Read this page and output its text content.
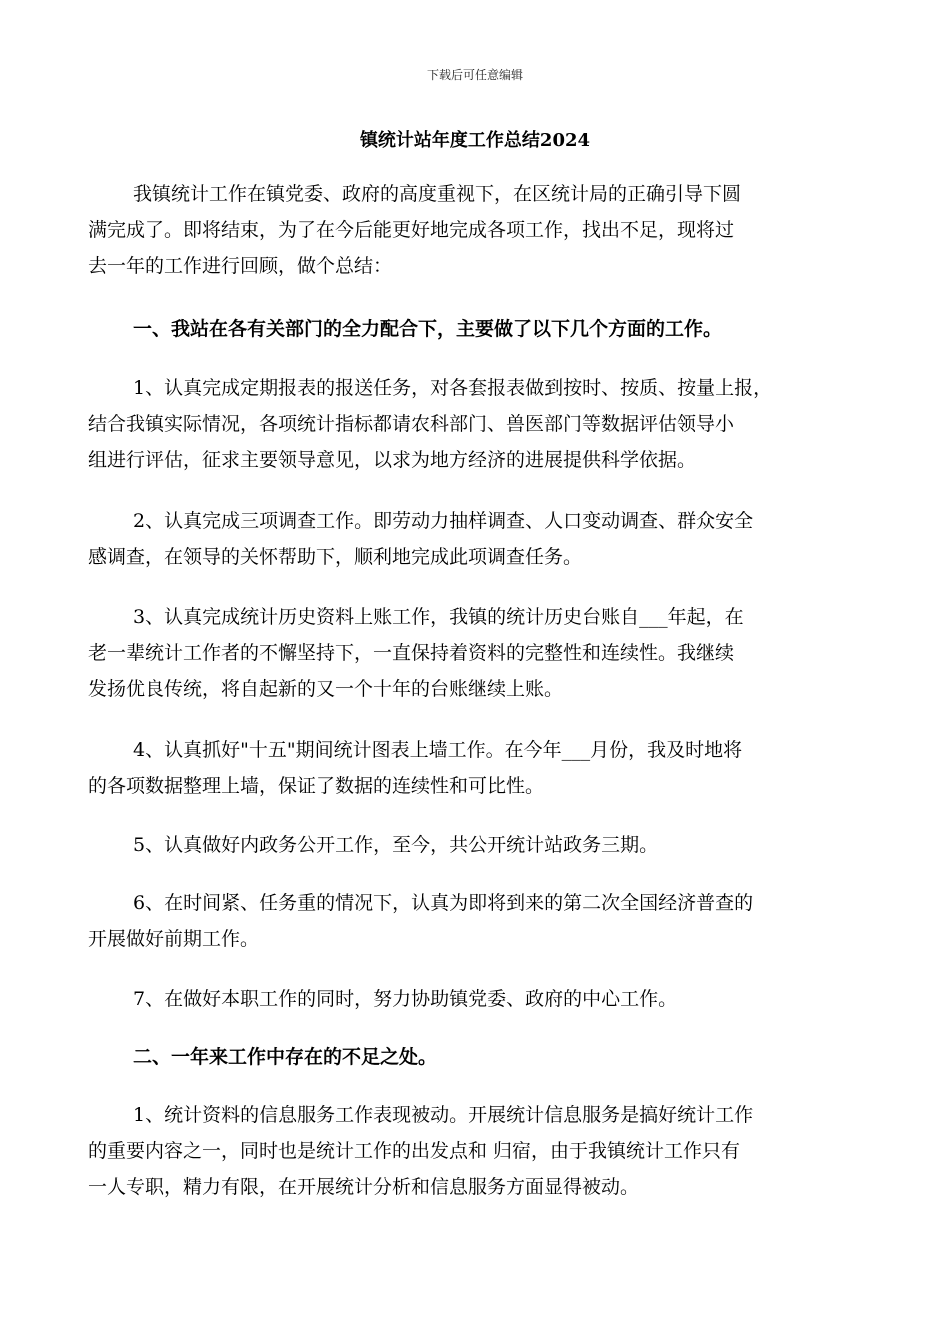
下载后可任意编辑
镇统计站年度工作总结2024
我镇统计工作在镇党委、政府的高度重视下，在区统计局的正确引导下圆
满完成了。即将结束，为了在今后能更好地完成各项工作，找出不足，现将过
去一年的工作进行回顾，做个总结：
一、我站在各有关部门的全力配合下，主要做了以下几个方面的工作。
1、认真完成定期报表的报送任务，对各套报表做到按时、按质、按量上报，
结合我镇实际情况，各项统计指标都请农科部门、兽医部门等数据评估领导小
组进行评估，征求主要领导意见，以求为地方经济的进展提供科学依据。
2、认真完成三项调查工作。即劳动力抽样调查、人口变动调查、群众安全
感调查，在领导的关怀帮助下，顺利地完成此项调查任务。
3、认真完成统计历史资料上账工作，我镇的统计历史台账自___年起，在
老一辈统计工作者的不懈坚持下，一直保持着资料的完整性和连续性。我继续
发扬优良传统，将自起新的又一个十年的台账继续上账。
4、认真抓好"十五"期间统计图表上墙工作。在今年___月份，我及时地将
的各项数据整理上墙，保证了数据的连续性和可比性。
5、认真做好内政务公开工作，至今，共公开统计站政务三期。
6、在时间紧、任务重的情况下，认真为即将到来的第二次全国经济普查的
开展做好前期工作。
7、在做好本职工作的同时，努力协助镇党委、政府的中心工作。
二、一年来工作中存在的不足之处。
1、统计资料的信息服务工作表现被动。开展统计信息服务是搞好统计工作
的重要内容之一，同时也是统计工作的出发点和 归宿，由于我镇统计工作只有
一人专职，精力有限，在开展统计分析和信息服务方面显得被动。
